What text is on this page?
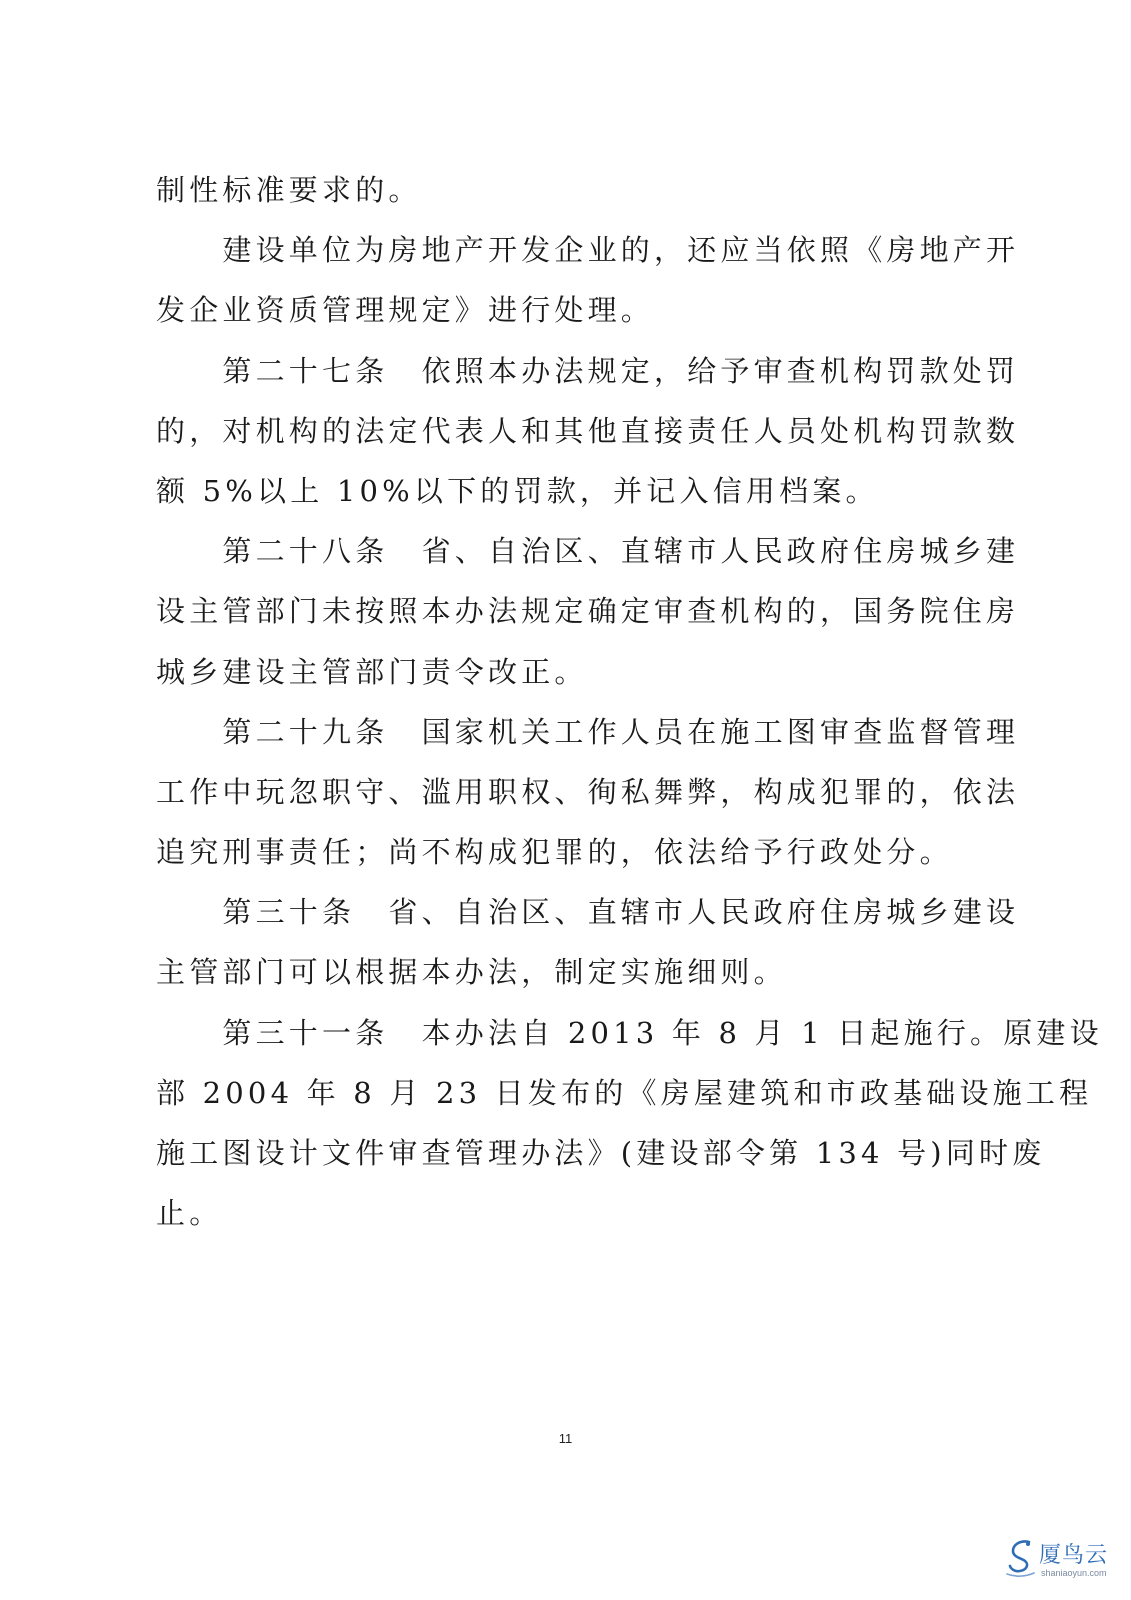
制性标准要求的。
　　建设单位为房地产开发企业的，还应当依照《房地产开
发企业资质管理规定》进行处理。
　　第二十七条　依照本办法规定，给予审查机构罚款处罚
的，对机构的法定代表人和其他直接责任人员处机构罚款数
额 5%以上 10%以下的罚款，并记入信用档案。
　　第二十八条　省、自治区、直辖市人民政府住房城乡建
设主管部门未按照本办法规定确定审查机构的，国务院住房
城乡建设主管部门责令改正。
　　第二十九条　国家机关工作人员在施工图审查监督管理
工作中玩忽职守、滥用职权、徇私舞弊，构成犯罪的，依法
追究刑事责任；尚不构成犯罪的，依法给予行政处分。
　　第三十条　省、自治区、直辖市人民政府住房城乡建设
主管部门可以根据本办法，制定实施细则。
　　第三十一条　本办法自 2013 年 8 月 1 日起施行。原建设
部 2004 年 8 月 23 日发布的《房屋建筑和市政基础设施工程
施工图设计文件审查管理办法》(建设部令第 134 号)同时废
止。
11
厦鸟云
shaniaoyun.com
